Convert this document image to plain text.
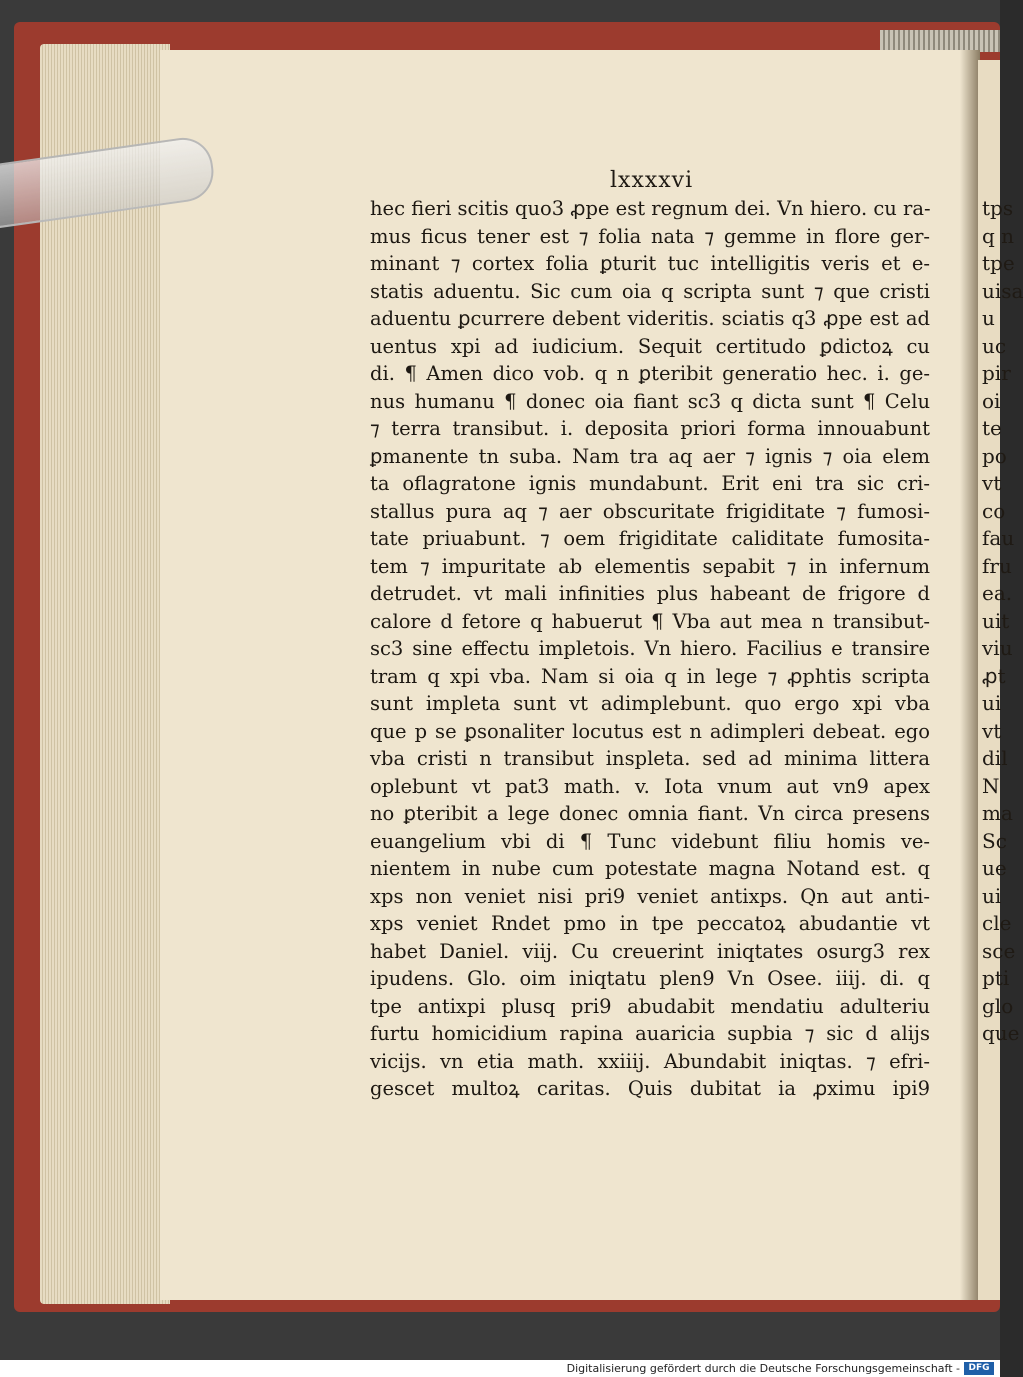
tps
q n
tpe
uisa
u
uc
pir
oi
te
po
vt
co
fau
fru
ea.
uit
viu
ꝓt
ui
vt
dil
N
ma
Sc
ue
ui
cle
sce
pti
glo
que
lxxxxvi
hec fieri scitis quo3 ꝓpe est regnum dei. Vn hiero. cu ra-
mus ficus tener est ⁊ folia nata ⁊ gemme in flore ger-
minant ⁊ cortex folia ꝑturit tuc intelligitis veris et e-
statis aduentu. Sic cum oia q scripta sunt ⁊ que cristi
aduentu ꝑcurrere debent videritis. sciatis q3 ꝓpe est ad
uentus xpi ad iudicium. Sequit certitudo ꝑdictoꝝ cu
di. ¶ Amen dico vob. q n ꝑteribit generatio hec. i. ge-
nus humanu ¶ donec oia fiant sc3 q dicta sunt ¶ Celu
⁊ terra transibut. i. deposita priori forma innouabunt
ꝑmanente tn suba. Nam tra aq aer ⁊ ignis ⁊ oia elem
ta oflagratone ignis mundabunt. Erit eni tra sic cri-
stallus pura aq ⁊ aer obscuritate frigiditate ⁊ fumosi-
tate priuabunt. ⁊ oem frigiditate caliditate fumosita-
tem ⁊ impuritate ab elementis sepabit ⁊ in infernum
detrudet. vt mali infinities plus habeant de frigore d
calore d fetore q habuerut ¶ Vba aut mea n transibut-
sc3 sine effectu impletois. Vn hiero. Facilius e transire
tram q xpi vba. Nam si oia q in lege ⁊ ꝓphtis scripta
sunt impleta sunt vt adimplebunt. quo ergo xpi vba
que p se ꝑsonaliter locutus est n adimpleri debeat. ego
vba cristi n transibut inspleta. sed ad minima littera
oplebunt vt pat3 math. v. Iota vnum aut vn9 apex
no ꝑteribit a lege donec omnia fiant. Vn circa presens
euangelium vbi di ¶ Tunc videbunt filiu homis ve-
nientem in nube cum potestate magna Notand est. q
xps non veniet nisi pri9 veniet antixps. Qn aut anti-
xps veniet Rndet pmo in tpe peccatoꝝ abudantie vt
habet Daniel. viij. Cu creuerint iniqtates osurg3 rex
ipudens. Glo. oim iniqtatu plen9 Vn Osee. iiij. di. q
tpe antixpi plusq pri9 abudabit mendatiu adulteriu
furtu homicidium rapina auaricia supbia ⁊ sic d alijs
vicijs. vn etia math. xxiiij. Abundabit iniqtas. ⁊ efri-
gescet multoꝝ caritas. Quis dubitat ia ꝓximu ipi9
Digitalisierung gefördert durch die Deutsche Forschungsgemeinschaft - DFG
